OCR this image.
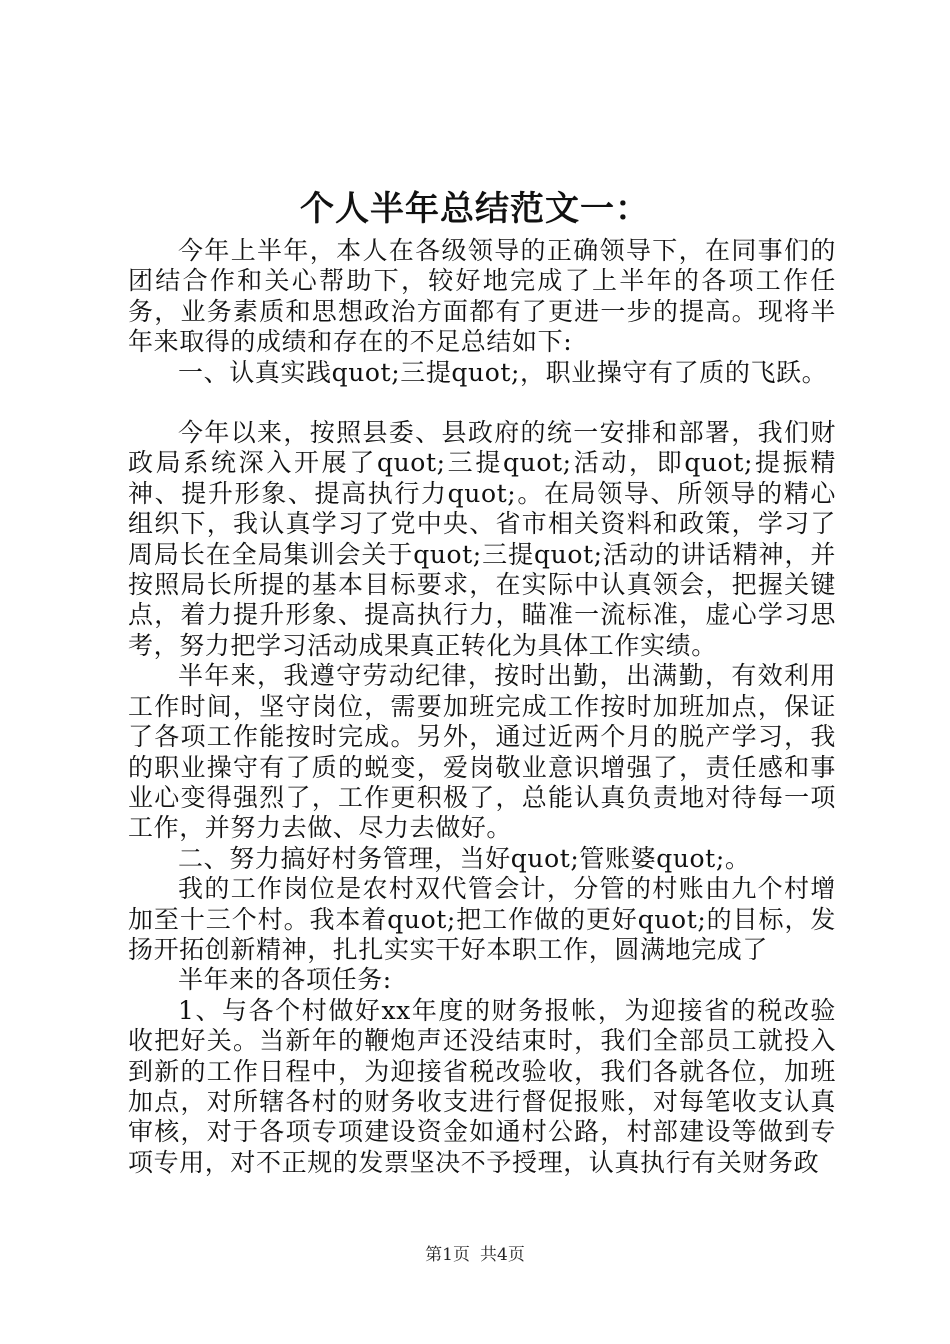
个人半年总结范文一：

今年上半年，本人在各级领导的正确领导下，在同事们的团结合作和关心帮助下，较好地完成了上半年的各项工作任务，业务素质和思想政治方面都有了更进一步的提高。现将半年来取得的成绩和存在的不足总结如下:

一、认真实践quot;三提quot;，职业操守有了质的飞跃。

今年以来，按照县委、县政府的统一安排和部署，我们财政局系统深入开展了quot;三提quot;活动，即quot;提振精神、提升形象、提高执行力quot;。在局领导、所领导的精心组织下，我认真学习了党中央、省市相关资料和政策，学习了周局长在全局集训会关于quot;三提quot;活动的讲话精神，并按照局长所提的基本目标要求，在实际中认真领会，把握关键点，着力提升形象、提高执行力，瞄准一流标准，虚心学习思考，努力把学习活动成果真正转化为具体工作实绩。

半年来，我遵守劳动纪律，按时出勤，出满勤，有效利用工作时间，坚守岗位，需要加班完成工作按时加班加点，保证了各项工作能按时完成。另外，通过近两个月的脱产学习，我的职业操守有了质的蜕变，爱岗敬业意识增强了，责任感和事业心变得强烈了，工作更积极了，总能认真负责地对待每一项工作，并努力去做、尽力去做好。

二、努力搞好村务管理，当好quot;管账婆quot;。

我的工作岗位是农村双代管会计，分管的村账由九个村增加至十三个村。我本着quot;把工作做的更好quot;的目标，发扬开拓创新精神，扎扎实实干好本职工作，圆满地完成了

半年来的各项任务:

1、与各个村做好xx年度的财务报帐，为迎接省的税改验收把好关。当新年的鞭炮声还没结束时，我们全部员工就投入到新的工作日程中，为迎接省税改验收，我们各就各位，加班加点，对所辖各村的财务收支进行督促报账，对每笔收支认真审核，对于各项专项建设资金如通村公路，村部建设等做到专项专用，对不正规的发票坚决不予授理，认真执行有关财务政

第1页 共4页
